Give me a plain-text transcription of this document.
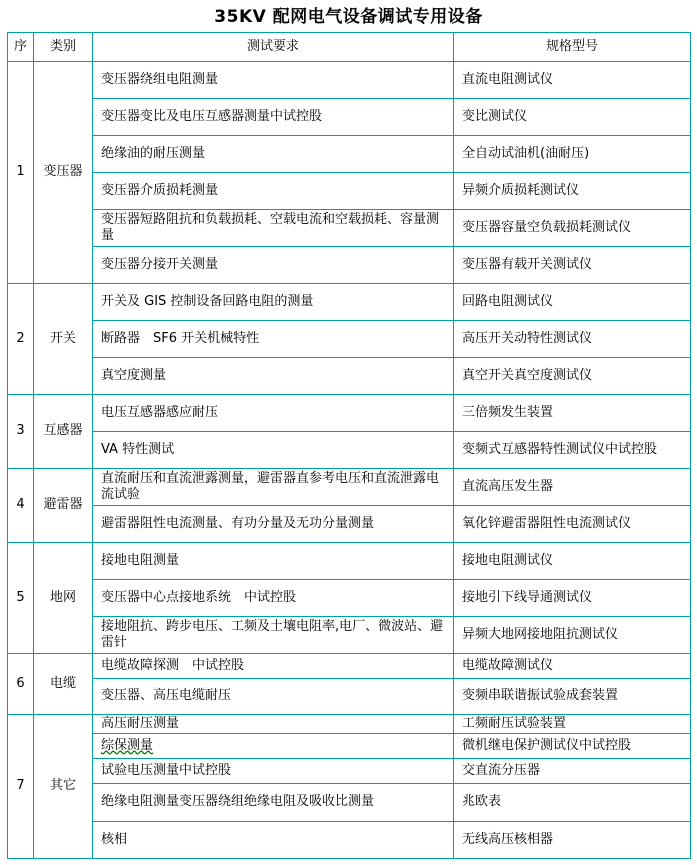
35KV 配网电气设备调试专用设备
序	类别	测试要求	规格型号
1	变压器	变压器绕组电阻测量	直流电阻测试仪
		变压器变比及电压互感器测量中试控股	变比测试仪
		绝缘油的耐压测量	全自动试油机(油耐压)
		变压器介质损耗测量	异频介质损耗测试仪
		变压器短路阻抗和负载损耗、空载电流和空载损耗、容量测量	变压器容量空负载损耗测试仪
		变压器分接开关测量	变压器有载开关测试仪
2	开关	开关及 GIS 控制设备回路电阻的测量	回路电阻测试仪
		断路器　SF6 开关机械特性	高压开关动特性测试仪
		真空度测量	真空开关真空度测试仪
3	互感器	电压互感器感应耐压	三倍频发生装置
		VA 特性测试	变频式互感器特性测试仪中试控股
4	避雷器	直流耐压和直流泄露测量，避雷器直参考电压和直流泄露电流试验	直流高压发生器
		避雷器阻性电流测量、有功分量及无功分量测量	氧化锌避雷器阻性电流测试仪
5	地网	接地电阻测量	接地电阻测试仪
		变压器中心点接地系统　中试控股	接地引下线导通测试仪
		接地阻抗、跨步电压、工频及土壤电阻率,电厂、微波站、避雷针	异频大地网接地阻抗测试仪
6	电缆	电缆故障探测　中试控股	电缆故障测试仪
		变压器、高压电缆耐压	变频串联谐振试验成套装置
7	其它	高压耐压测量	工频耐压试验装置
		综保测量	微机继电保护测试仪中试控股
		试验电压测量中试控股	交直流分压器
		绝缘电阻测量变压器绕组绝缘电阻及吸收比测量	兆欧表
		核相	无线高压核相器
